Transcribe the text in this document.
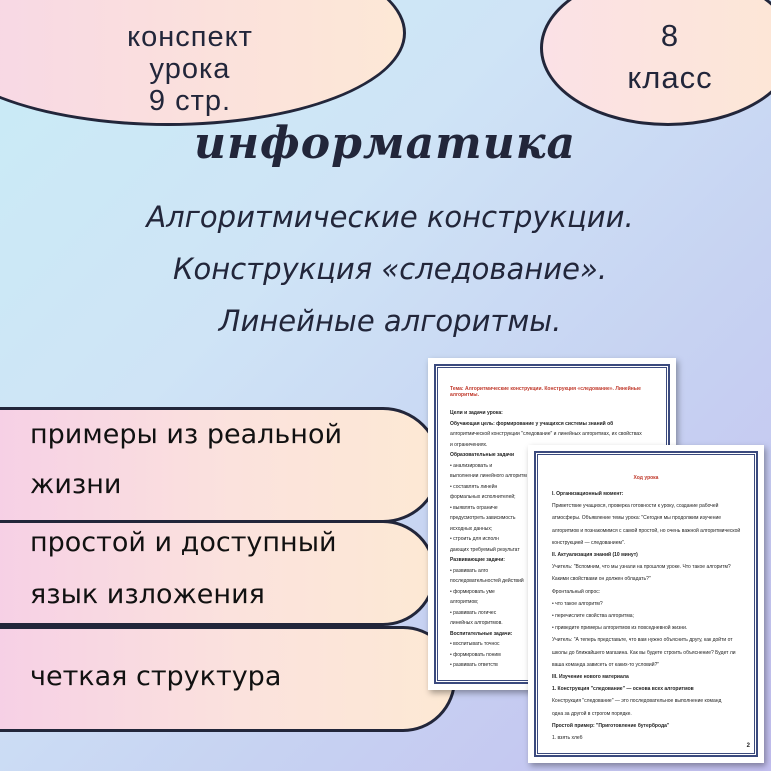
конспект
урока
9 стр.
8
класс
информатика
Алгоритмические конструкции.
Конструкция «следование».
Линейные алгоритмы.
примеры из реальной
жизни
простой и доступный
язык изложения
четкая структура
Тема: Алгоритмические конструкции. Конструкция «следование». Линейные алгоритмы.
Цели и задачи урока:
Обучающая цель: формирование у учащихся системы знаний об
алгоритмической конструкции "следование" и линейных алгоритмах, их свойствах
и ограничениях.
Образовательные задачи
• анализировать и
выполнении линейного алгоритм
• составлять линейн
формальных исполнителей;
• выявлять ограниче
предусмотреть зависимость
исходных данных;
• строить для исполн
дающих требуемый результат
Развивающие задачи:
• развивать алго
последовательностей действий
• формировать уме
алгоритмов;
• развивать логичес
линейных алгоритмов.
Воспитательные задачи:
• воспитывать точнос
• формировать поним
• развивать ответств
Ход урока
2
I. Организационный момент:
Приветствие учащихся, проверка готовности к уроку, создание рабочей
атмосферы. Объявление темы урока: "Сегодня мы продолжим изучение
алгоритмов и познакомимся с самой простой, но очень важной алгоритмической
конструкцией — следованием".
II. Актуализация знаний (10 минут)
Учитель: "Вспомним, что мы узнали на прошлом уроке. Что такое алгоритм?
Какими свойствами он должен обладать?"
Фронтальный опрос:
• что такое алгоритм?
• перечислите свойства алгоритма;
• приведите примеры алгоритмов из повседневной жизни.
Учитель: "А теперь представьте, что вам нужно объяснить другу, как дойти от
школы до ближайшего магазина. Как вы будете строить объяснение? Будет ли
ваша команда зависеть от каких-то условий?"
III. Изучение нового материала
1. Конструкция "следование" — основа всех алгоритмов
Конструкция "следование" — это последовательное выполнение команд
одна за другой в строгом порядке.
Простой пример: "Приготовление бутерброда"
1. взять хлеб
